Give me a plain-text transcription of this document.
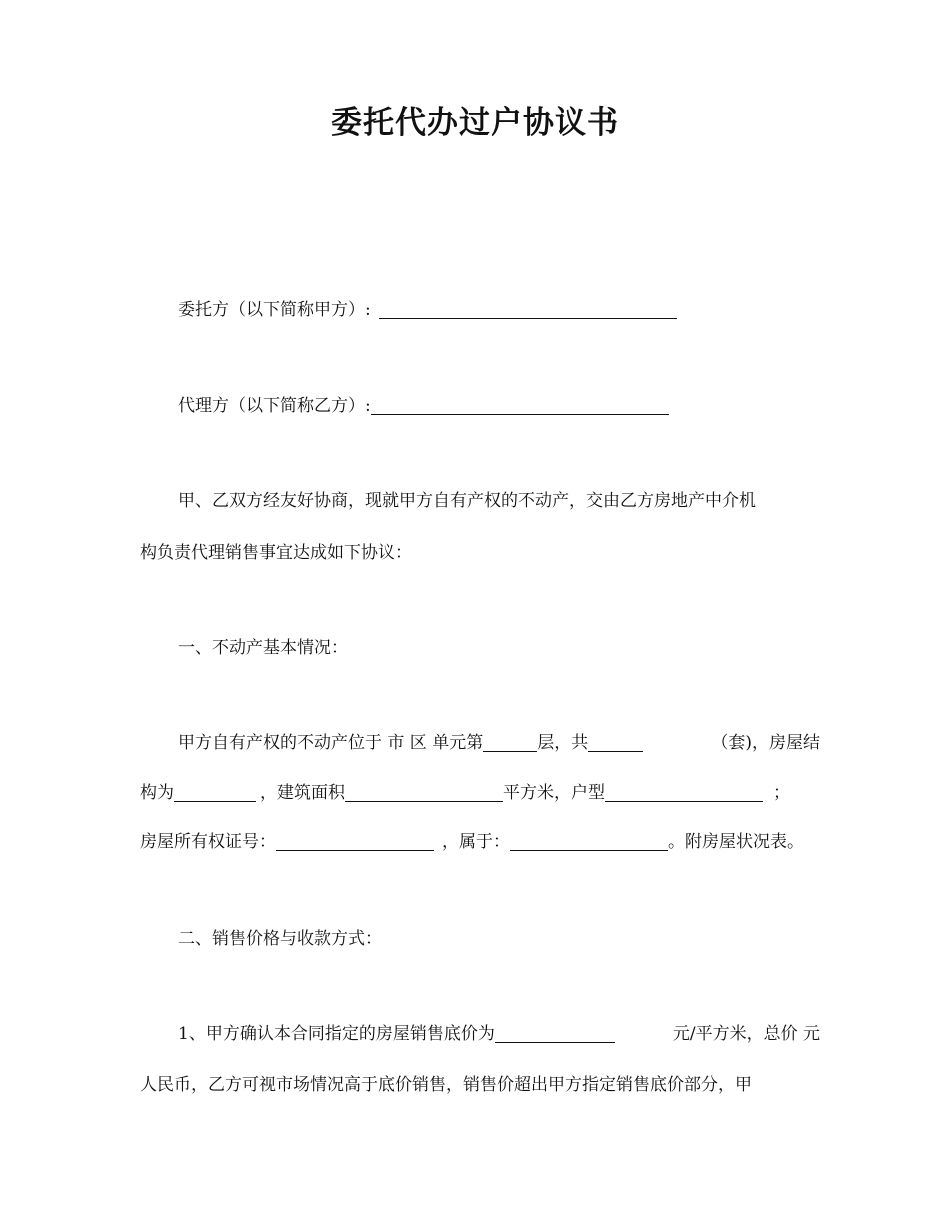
委托代办过户协议书
委托方（以下简称甲方）:
代理方（以下简称乙方）:
甲、乙双方经友好协商，现就甲方自有产权的不动产，交由乙方房地产中介机
构负责代理销售事宜达成如下协议：
一、不动产基本情况：
甲方自有产权的不动产位于 市 区 单元第	层，共	（套)，房屋结
构为	，建筑面积	平方米，户型	；
房屋所有权证号：	，属于：	。附房屋状况表。
二、销售价格与收款方式：
1、甲方确认本合同指定的房屋销售底价为	元/平方米，总价 元
人民币，乙方可视市场情况高于底价销售，销售价超出甲方指定销售底价部分，甲
